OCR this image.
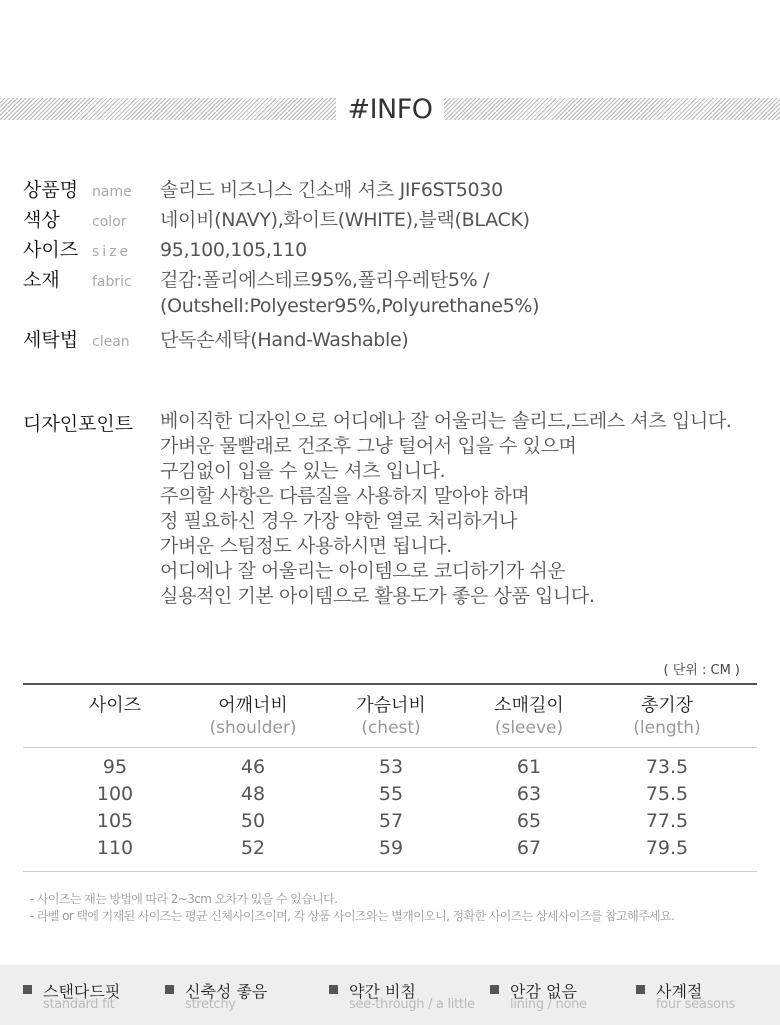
#INFO
상품명 name	솔리드 비즈니스 긴소매 셔츠 JIF6ST5030
색상	color	네이비(NAVY),화이트(WHITE),블랙(BLACK)
사이즈 size	95,100,105,110
소재	fabric	겉감:폴리에스테르95%,폴리우레탄5% /
(Outshell:Polyester95%,Polyurethane5%)
세탁법 clean	단독손세탁(Hand-Washable)
디자인포인트 베이직한 디자인으로 어디에나 잘 어울리는 솔리드,드레스 셔츠 입니다.
가벼운 물빨래로 건조후 그냥 털어서 입을 수 있으며
구김없이 입을 수 있는 셔츠 입니다.
주의할 사항은 다름질을 사용하지 말아야 하며
정 필요하신 경우 가장 약한 열로 처리하거나
가벼운 스팀정도 사용하시면 됩니다.
어디에나 잘 어울리는 아이템으로 코디하기가 쉬운
실용적인 기본 아이템으로 활용도가 좋은 상품 입니다.
( 단위 : CM )
사이즈	어깨너비	가슴너비	소매길이	총기장
(shoulder)	(chest)	(sleeve)	(length)
95	46	53	61	73.5
100	48	55	63	75.5
105	50	57	65	77.5
110	52	59	67	79.5
- 사이즈는 재는 방법에 따라 2~3cm 오차가 있을 수 있습니다.
- 라벨 or 택에 기재된 사이즈는 평균 신체사이즈이며, 각 상품 사이즈와는 별개이오니, 정확한 사이즈는 상세사이즈를 참고해주세요.
스탠다드핏
standard fit
신축성 좋음
stretchy
약간 비침
see-through / a little
안감 없음
lining / none
사계절
four seasons
